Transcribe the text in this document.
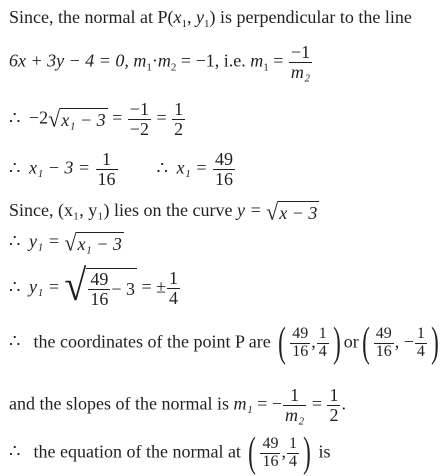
Since, the normal at $P(x_1$, $y_1$) is perpendicular to the line
6x + 3y − 4 = 0, $m_1\cdot m_2 = -1$, i.e. $m_1 = \frac{-1}{\text{m₂}}$
∴ −2 √ $x_1 - 3 = \frac{-1}{-2} = \frac{1}{2}$
∴ $x_1 - 3 = \frac{1}{16}$ ∴ $x_1 = \frac{49}{16}$
Since, (x₁, y₁) lies on the curve y = √ x − 3
∴ y₁ = √ x₁ − 3
∴ y₁ = √ $\frac{49}{16} - 3$ = ± $\frac{1}{4}$
∴ the coordinates of the point P are ( $\frac{49}{16}$ , $\frac{1}{4}$ ) $or( \frac{49}{16}$ , − $\frac{1}{4}$ )
and the slopes of the normal is m₁ = − $\frac{1}{\text{m₂}} = \frac{1}{2}$ .
∴ the equation of the normal at ( $\frac{49}{16}$ , $\frac{1}{4}$ ) is
